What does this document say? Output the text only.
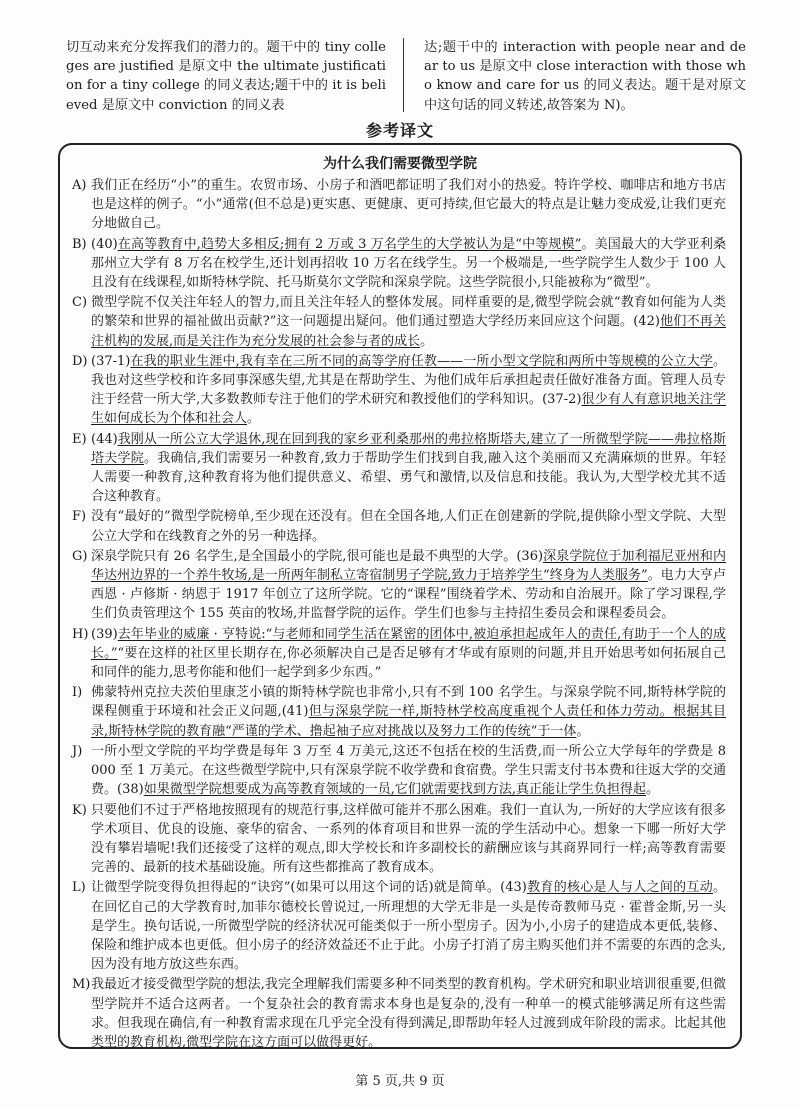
切互动来充分发挥我们的潜力的。题干中的 tiny colleges are justified 是原文中 the ultimate justification for a tiny college 的同义表达;题干中的 it is believed 是原文中 conviction 的同义表
达;题干中的 interaction with people near and dear to us 是原文中 close interaction with those who know and care for us 的同义表达。题干是对原文中这句话的同义转述,故答案为 N)。
参考译文
为什么我们需要微型学院
A) 我们正在经历“小”的重生。农贸市场、小房子和酒吧都证明了我们对小的热爱。特许学校、咖啡店和地方书店也是这样的例子。“小”通常(但不总是)更实惠、更健康、更可持续,但它最大的特点是让魅力变成爱,让我们更充分地做自己。
B) (40)在高等教育中,趋势大多相反;拥有 2 万或 3 万名学生的大学被认为是“中等规模”。美国最大的大学亚利桑那州立大学有 8 万名在校学生,还计划再招收 10 万名在线学生。另一个极端是,一些学院学生人数少于 100 人且没有在线课程,如斯特林学院、托马斯莫尔文学院和深泉学院。这些学院很小,只能被称为“微型”。
C) 微型学院不仅关注年轻人的智力,而且关注年轻人的整体发展。同样重要的是,微型学院会就“教育如何能为人类的繁荣和世界的福祉做出贡献?”这一问题提出疑问。他们通过塑造大学经历来回应这个问题。(42)他们不再关注机构的发展,而是关注作为充分发展的社会参与者的成长。
D) (37-1)在我的职业生涯中,我有幸在三所不同的高等学府任教——一所小型文学院和两所中等规模的公立大学。我也对这些学校和许多同事深感失望,尤其是在帮助学生、为他们成年后承担起责任做好准备方面。管理人员专注于经营一所大学,大多数教师专注于他们的学术研究和教授他们的学科知识。(37-2)很少有人有意识地关注学生如何成长为个体和社会人。
E) (44)我刚从一所公立大学退休,现在回到我的家乡亚利桑那州的弗拉格斯塔夫,建立了一所微型学院——弗拉格斯塔夫学院。我确信,我们需要另一种教育,致力于帮助学生们找到自我,融入这个美丽而又充满麻烦的世界。年轻人需要一种教育,这种教育将为他们提供意义、希望、勇气和激情,以及信息和技能。我认为,大型学校尤其不适合这种教育。
F) 没有“最好的”微型学院榜单,至少现在还没有。但在全国各地,人们正在创建新的学院,提供除小型文学院、大型公立大学和在线教育之外的另一种选择。
G) 深泉学院只有 26 名学生,是全国最小的学院,很可能也是最不典型的大学。(36)深泉学院位于加利福尼亚州和内华达州边界的一个养牛牧场,是一所两年制私立寄宿制男子学院,致力于培养学生“终身为人类服务”。电力大亨卢西恩 · 卢修斯 · 纳恩于 1917 年创立了这所学院。它的“课程”围绕着学术、劳动和自治展开。除了学习课程,学生们负责管理这个 155 英亩的牧场,并监督学院的运作。学生们也参与主持招生委员会和课程委员会。
H) (39)去年毕业的威廉 · 亨特说:“与老师和同学生活在紧密的团体中,被迫承担起成年人的责任,有助于一个人的成长。”“要在这样的社区里长期存在,你必须解决自己是否足够有才华或有原则的问题,并且开始思考如何拓展自己和同伴的能力,思考你能和他们一起学到多少东西。”
I) 佛蒙特州克拉夫茨伯里康芝小镇的斯特林学院也非常小,只有不到 100 名学生。与深泉学院不同,斯特林学院的课程侧重于环境和社会正义问题,(41)但与深泉学院一样,斯特林学校高度重视个人责任和体力劳动。根据其目录,斯特林学院的教育融“严谨的学术、撸起袖子应对挑战以及努力工作的传统”于一体。
J) 一所小型文学院的平均学费是每年 3 万至 4 万美元,这还不包括在校的生活费,而一所公立大学每年的学费是 8 000 至 1 万美元。在这些微型学院中,只有深泉学院不收学费和食宿费。学生只需支付书本费和往返大学的交通费。(38)如果微型学院想要成为高等教育领域的一员,它们就需要找到方法,真正能让学生负担得起。
K) 只要他们不过于严格地按照现有的规范行事,这样做可能并不那么困难。我们一直认为,一所好的大学应该有很多学术项目、优良的设施、豪华的宿舍、一系列的体育项目和世界一流的学生活动中心。想象一下哪一所好大学没有攀岩墙呢!我们还接受了这样的观点,即大学校长和许多副校长的薪酬应该与其商界同行一样;高等教育需要完善的、最新的技术基础设施。所有这些都推高了教育成本。
L) 让微型学院变得负担得起的“诀窍”(如果可以用这个词的话)就是简单。(43)教育的核心是人与人之间的互动。在回忆自己的大学教育时,加菲尔德校长曾说过,一所理想的大学无非是一头是传奇教师马克 · 霍普金斯,另一头是学生。换句话说,一所微型学院的经济状况可能类似于一所小型房子。因为小,小房子的建造成本更低,装修、保险和维护成本也更低。但小房子的经济效益还不止于此。小房子打消了房主购买他们并不需要的东西的念头,因为没有地方放这些东西。
M) 我最近才接受微型学院的想法,我完全理解我们需要多种不同类型的教育机构。学术研究和职业培训很重要,但微型学院并不适合这两者。一个复杂社会的教育需求本身也是复杂的,没有一种单一的模式能够满足所有这些需求。但我现在确信,有一种教育需求现在几乎完全没有得到满足,即帮助年轻人过渡到成年阶段的需求。比起其他类型的教育机构,微型学院在这方面可以做得更好。
第 5 页,共 9 页
